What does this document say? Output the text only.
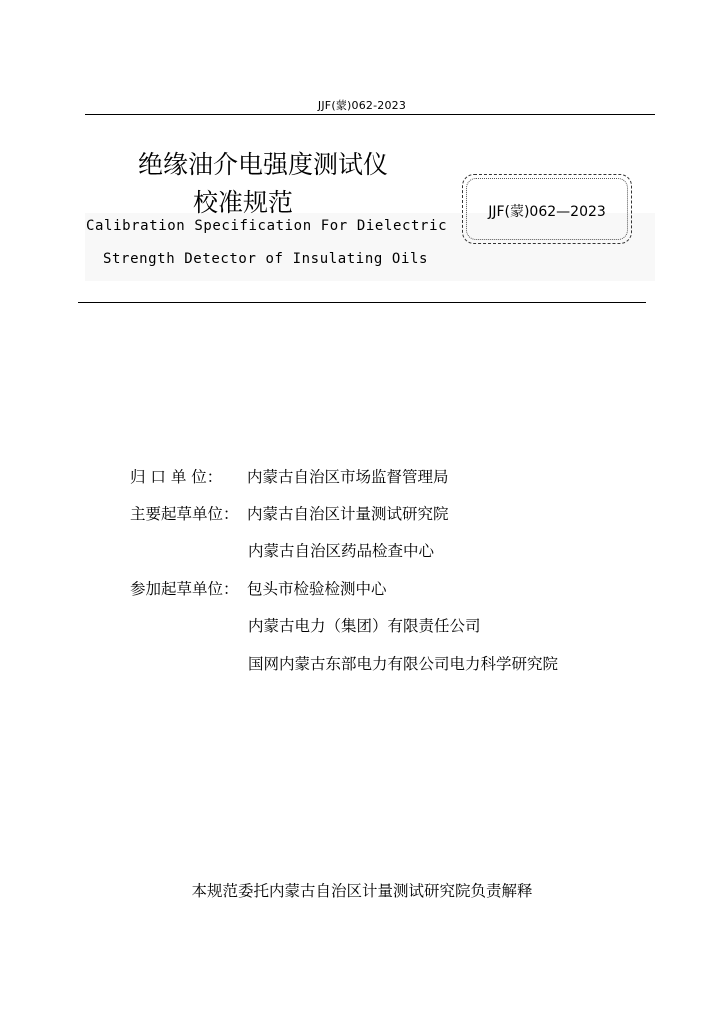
JJF(蒙)062-2023
绝缘油介电强度测试仪
校准规范
Calibration Specification For Dielectric
Strength Detector of Insulating Oils
JJF(蒙)062—2023
归 口 单 位： 内蒙古自治区市场监督管理局
主要起草单位： 内蒙古自治区计量测试研究院
内蒙古自治区药品检查中心
参加起草单位： 包头市检验检测中心
内蒙古电力（集团）有限责任公司
国网内蒙古东部电力有限公司电力科学研究院
本规范委托内蒙古自治区计量测试研究院负责解释
